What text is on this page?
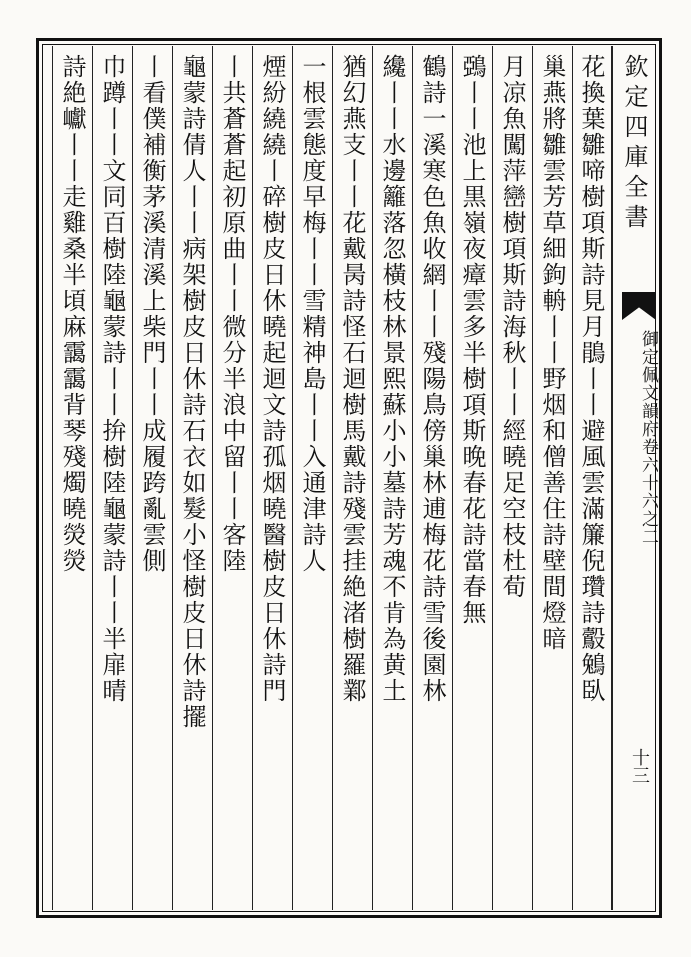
欽定四庫全書
御定佩文韻府卷六十六之二
十三
花換葉雛啼樹項斯詩見月鵑丨丨避風雲滿簾倪瓚詩鷇鵵臥
巢燕將雛雲芳草細鉤輈丨丨野烟和僧善住詩壁間燈暗
月凉魚闖萍巒樹項斯詩海秋丨丨經曉足空枝杜荀
鵶丨丨池上黒嶺夜瘴雲多半樹項斯晚春花詩當春無
鶴詩一溪寒色魚收網丨丨殘陽鳥傍巢林逋梅花詩雪後園林
纔丨丨水邊籬落忽橫枝林景熙蘇小小墓詩芳魂不肯為黄土
猶幻燕支丨丨花戴昺詩怪石迴樹馬戴詩殘雲挂絶渚樹羅鄴
一根雲態度早梅丨丨雪精神島丨丨入通津詩人
煙紛繞繞丨碎樹皮日休曉起迴文詩孤烟曉醫樹皮日休詩門
丨共蒼蒼起初原曲丨丨微分半浪中留丨丨客陸
龜蒙詩倩人丨丨病架樹皮日休詩石衣如髮小怪樹皮日休詩擺
丨看僕補衡茅溪清溪上柴門丨丨成履跨亂雲側
巾蹲丨丨文同百樹陸龜蒙詩丨丨拚樹陸龜蒙詩丨丨半扉晴
詩絶巘丨丨走雞桑半頃麻靄靄背琴殘燭曉熒熒
